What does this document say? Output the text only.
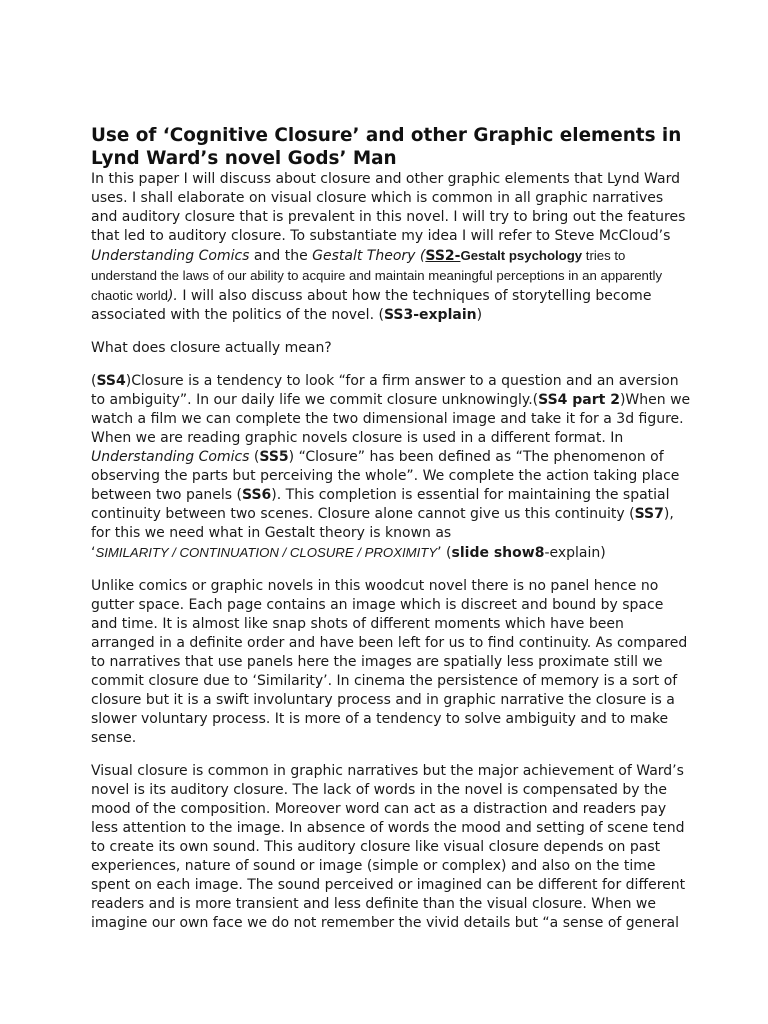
Use of ‘Cognitive Closure’ and other Graphic elements in Lynd Ward’s novel Gods’ Man

In this paper I will discuss about closure and other graphic elements that Lynd Ward uses. I shall elaborate on visual closure which is common in all graphic narratives and auditory closure that is prevalent in this novel. I will try to bring out the features that led to auditory closure. To substantiate my idea I will refer to Steve McCloud’s Understanding Comics and the Gestalt Theory (SS2-Gestalt psychology tries to understand the laws of our ability to acquire and maintain meaningful perceptions in an apparently chaotic world). I will also discuss about how the techniques of storytelling become associated with the politics of the novel. (SS3-explain)

What does closure actually mean?

(SS4)Closure is a tendency to look “for a firm answer to a question and an aversion to ambiguity”. In our daily life we commit closure unknowingly.(SS4 part 2)When we watch a film we can complete the two dimensional image and take it for a 3d figure. When we are reading graphic novels closure is used in a different format. In Understanding Comics (SS5) “Closure” has been defined as “The phenomenon of observing the parts but perceiving the whole”. We complete the action taking place between two panels (SS6). This completion is essential for maintaining the spatial continuity between two scenes. Closure alone cannot give us this continuity (SS7), for this we need what in Gestalt theory is known as
‘SIMILARITY / CONTINUATION / CLOSURE / PROXIMITY’ (slide show8-explain)

Unlike comics or graphic novels in this woodcut novel there is no panel hence no gutter space. Each page contains an image which is discreet and bound by space and time. It is almost like snap shots of different moments which have been arranged in a definite order and have been left for us to find continuity. As compared to narratives that use panels here the images are spatially less proximate still we commit closure due to ‘Similarity’. In cinema the persistence of memory is a sort of closure but it is a swift involuntary process and in graphic narrative the closure is a slower voluntary process. It is more of a tendency to solve ambiguity and to make sense.

Visual closure is common in graphic narratives but the major achievement of Ward’s novel is its auditory closure. The lack of words in the novel is compensated by the mood of the composition. Moreover word can act as a distraction and readers pay less attention to the image. In absence of words the mood and setting of scene tend to create its own sound. This auditory closure like visual closure depends on past experiences, nature of sound or image (simple or complex) and also on the time spent on each image. The sound perceived or imagined can be different for different readers and is more transient and less definite than the visual closure. When we imagine our own face we do not remember the vivid details but “a sense of general
